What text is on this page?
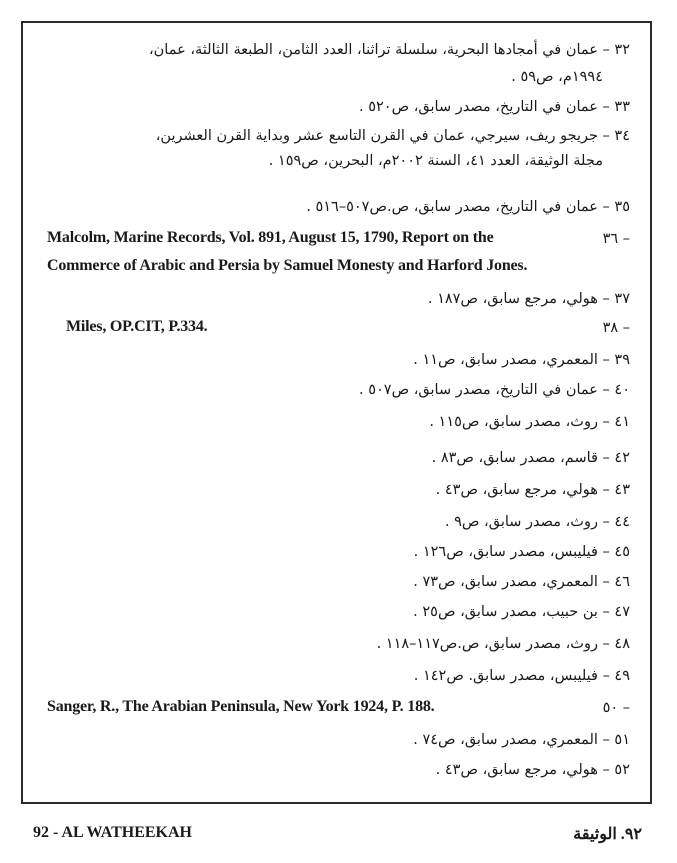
٣٢ – عمان في أمجادها البحرية، سلسلة تراثنا، العدد الثامن، الطبعة الثالثة، عمان،
١٩٩٤م، ص٥٩ .
٣٣ – عمان في التاريخ، مصدر سابق، ص٥٢٠ .
٣٤ – جريجو ريف، سيرجي، عمان في القرن التاسع عشر وبداية القرن العشرين،
مجلة الوثيقة، العدد ٤١، السنة ٢٠٠٢م، البحرين، ص١٥٩ .
٣٥ – عمان في التاريخ، مصدر سابق، ص.ص٥٠٧–٥١٦ .
٣٦ –
Malcolm, Marine Records, Vol. 891, August 15, 1790, Report on the
Commerce of Arabic and Persia by Samuel Monesty and Harford Jones.
٣٧ – هولي، مرجع سابق، ص١٨٧ .
٣٨ –
Miles, OP.CIT, P.334.
٣٩ – المعمري، مصدر سابق، ص١١ .
٤٠ – عمان في التاريخ، مصدر سابق، ص٥٠٧ .
٤١ – روث، مصدر سابق، ص١١٥ .
٤٢ – قاسم، مصدر سابق، ص٨٣ .
٤٣ – هولي، مرجع سابق، ص٤٣ .
٤٤ – روث، مصدر سابق، ص٩ .
٤٥ – فيليبس، مصدر سابق، ص١٢٦ .
٤٦ – المعمري، مصدر سابق، ص٧٣ .
٤٧ – بن حبيب، مصدر سابق، ص٢٥ .
٤٨ – روث، مصدر سابق، ص.ص١١٧–١١٨ .
٤٩ – فيليبس، مصدر سابق. ص١٤٢ .
٥٠ –
Sanger, R., The Arabian Peninsula, New York 1924, P. 188.
٥١ – المعمري، مصدر سابق، ص٧٤ .
٥٢ – هولي، مرجع سابق، ص٤٣ .
92 - AL WATHEEKAH	٩٢. الوثيقة
